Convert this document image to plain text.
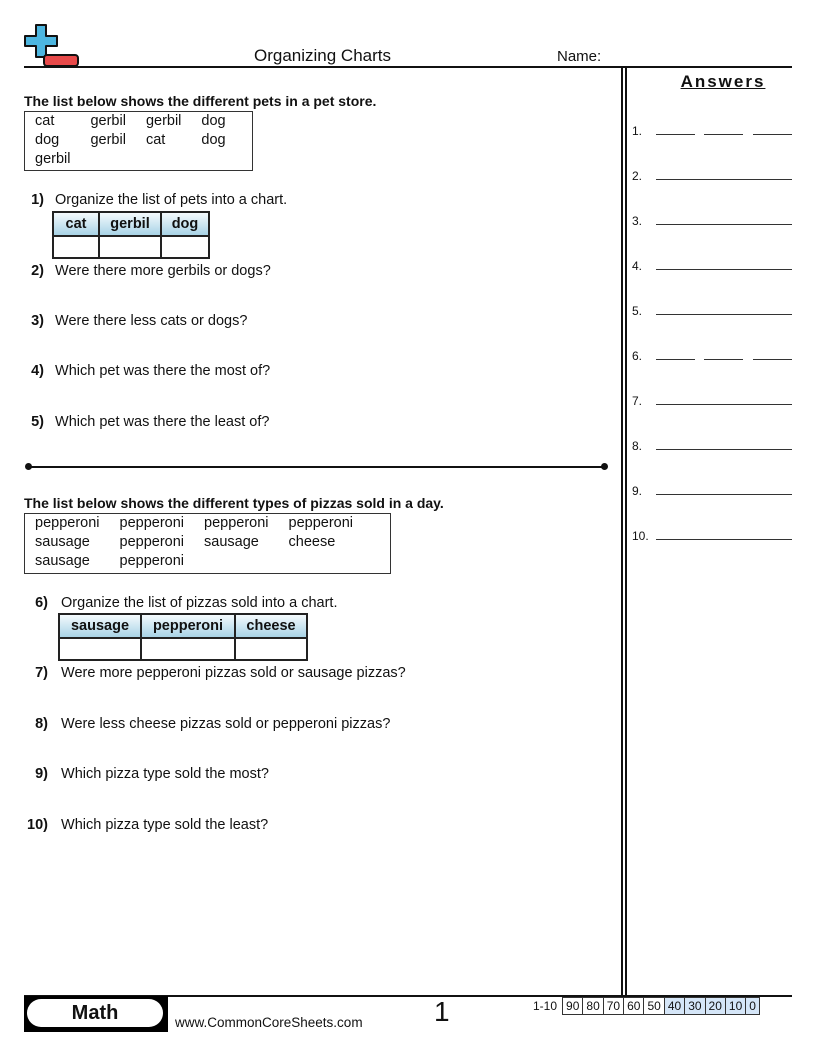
Organizing Charts	Name:
Answers
1.
2.
3.
4.
5.
6.
7.
8.
9.
10.
The list below shows the different pets in a pet store.
cat	gerbil	gerbil	dog
dog	gerbil	cat	dog
gerbil			
1) Organize the list of pets into a chart.
cat	gerbil	dog

2) Were there more gerbils or dogs?
3) Were there less cats or dogs?
4) Which pet was there the most of?
5) Which pet was there the least of?
The list below shows the different types of pizzas sold in a day.
pepperoni	pepperoni	pepperoni	pepperoni
sausage	pepperoni	sausage	cheese
sausage	pepperoni		
6) Organize the list of pizzas sold into a chart.
sausage	pepperoni	cheese

7) Were more pepperoni pizzas sold or sausage pizzas?
8) Were less cheese pizzas sold or pepperoni pizzas?
9) Which pizza type sold the most?
10) Which pizza type sold the least?
Math	www.CommonCoreSheets.com	1	1-10	90	80	70	60	50	40	30	20	10	0
